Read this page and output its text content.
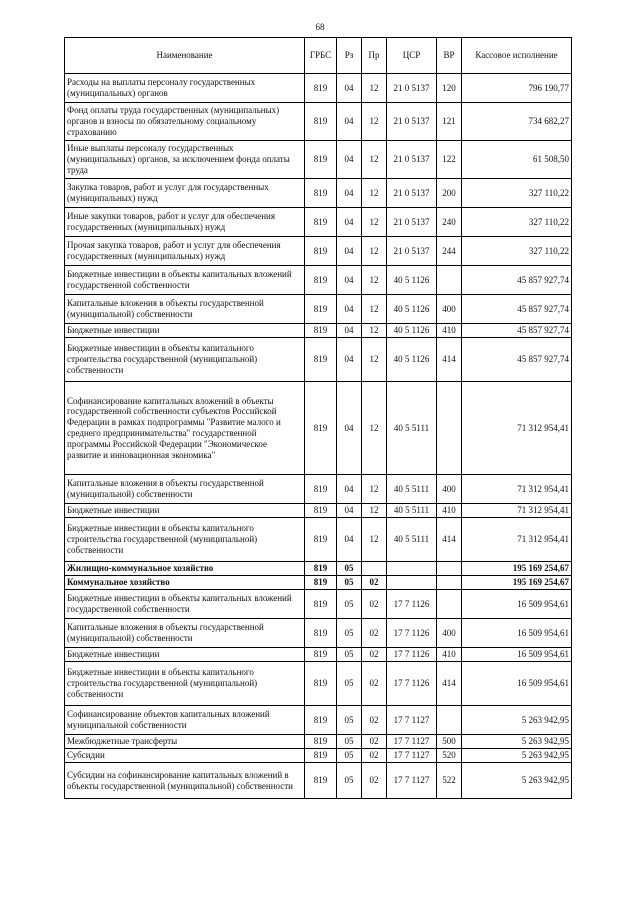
68
Наименование	ГРБС	Рз	Пр	ЦСР	ВР	Кассовое исполнение
Расходы на выплаты персоналу государственных (муниципальных) органов	819	04	12	21 0 5137	120	796 190,77
Фонд оплаты труда государственных (муниципальных) органов и взносы по обязательному социальному страхованию	819	04	12	21 0 5137	121	734 682,27
Иные выплаты персоналу государственных (муниципальных) органов, за исключением фонда оплаты труда	819	04	12	21 0 5137	122	61 508,50
Закупка товаров, работ и услуг для государственных (муниципальных) нужд	819	04	12	21 0 5137	200	327 110,22
Иные закупки товаров, работ и услуг для обеспечения государственных (муниципальных) нужд	819	04	12	21 0 5137	240	327 110,22
Прочая закупка товаров, работ и услуг для обеспечения государственных (муниципальных) нужд	819	04	12	21 0 5137	244	327 110,22
Бюджетные инвестиции в объекты капитальных вложений государственной собственности	819	04	12	40 5 1126		45 857 927,74
Капитальные вложения в объекты государственной (муниципальной) собственности	819	04	12	40 5 1126	400	45 857 927,74
Бюджетные инвестиции	819	04	12	40 5 1126	410	45 857 927,74
Бюджетные инвестиции в объекты капитального строительства государственной (муниципальной) собственности	819	04	12	40 5 1126	414	45 857 927,74
Софинансирование капитальных вложений в объекты государственной собственности субъектов Российской Федерации в рамках подпрограммы "Развитие малого и среднего предпринимательства" государственной программы Российской Федерации "Экономическое развитие и инновационная экономика"	819	04	12	40 5 5111		71 312 954,41
Капитальные вложения в объекты государственной (муниципальной) собственности	819	04	12	40 5 5111	400	71 312 954,41
Бюджетные инвестиции	819	04	12	40 5 5111	410	71 312 954,41
Бюджетные инвестиции в объекты капитального строительства государственной (муниципальной) собственности	819	04	12	40 5 5111	414	71 312 954,41
Жилищно-коммунальное хозяйство	819	05				195 169 254,67
Коммунальное хозяйство	819	05	02			195 169 254,67
Бюджетные инвестиции в объекты капитальных вложений государственной собственности	819	05	02	17 7 1126		16 509 954,61
Капитальные вложения в объекты государственной (муниципальной) собственности	819	05	02	17 7 1126	400	16 509 954,61
Бюджетные инвестиции	819	05	02	17 7 1126	410	16 509 954,61
Бюджетные инвестиции в объекты капитального строительства государственной (муниципальной) собственности	819	05	02	17 7 1126	414	16 509 954,61
Софинансирование объектов капитальных вложений муниципальной собственности	819	05	02	17 7 1127		5 263 942,95
Межбюджетные трансферты	819	05	02	17 7 1127	500	5 263 942,95
Субсидии	819	05	02	17 7 1127	520	5 263 942,95
Субсидии на софинансирование капитальных вложений в объекты государственной (муниципальной) собственности	819	05	02	17 7 1127	522	5 263 942,95
